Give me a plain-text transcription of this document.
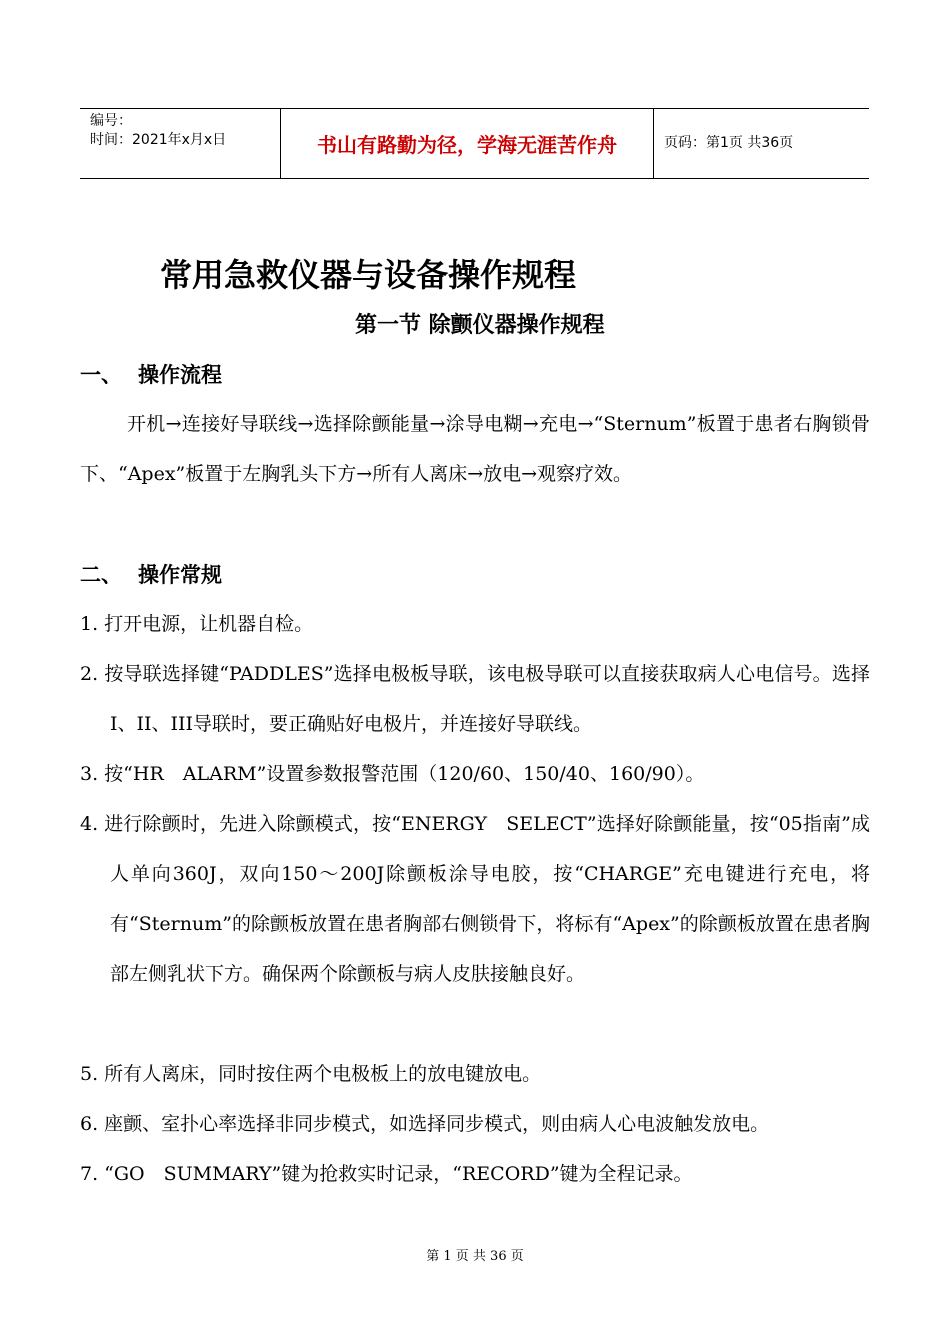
编号：
时间：2021年x月x日	书山有路勤为径，学海无涯苦作舟	页码：第1页 共36页
常用急救仪器与设备操作规程
第一节 除颤仪器操作规程
一、 操作流程
开机→连接好导联线→选择除颤能量→涂导电糊→充电→“Sternum”板置于患者右胸锁骨下、“Apex”板置于左胸乳头下方→所有人离床→放电→观察疗效。
二、 操作常规
1. 打开电源，让机器自检。
2. 按导联选择键“PADDLES”选择电极板导联，该电极导联可以直接获取病人心电信号。选择I、II、III导联时，要正确贴好电极片，并连接好导联线。
3. 按“HR　ALARM”设置参数报警范围（120/60、150/40、160/90）。
4. 进行除颤时，先进入除颤模式，按“ENERGY　SELECT”选择好除颤能量，按“05指南”成人单向360J，双向150～200J除颤板涂导电胶，按“CHARGE”充电键进行充电，将有“Sternum”的除颤板放置在患者胸部右侧锁骨下，将标有“Apex”的除颤板放置在患者胸部左侧乳状下方。确保两个除颤板与病人皮肤接触良好。
5. 所有人离床，同时按住两个电极板上的放电键放电。
6. 座颤、室扑心率选择非同步模式，如选择同步模式，则由病人心电波触发放电。
7. “GO　SUMMARY”键为抢救实时记录，“RECORD”键为全程记录。
第 1 页 共 36 页
